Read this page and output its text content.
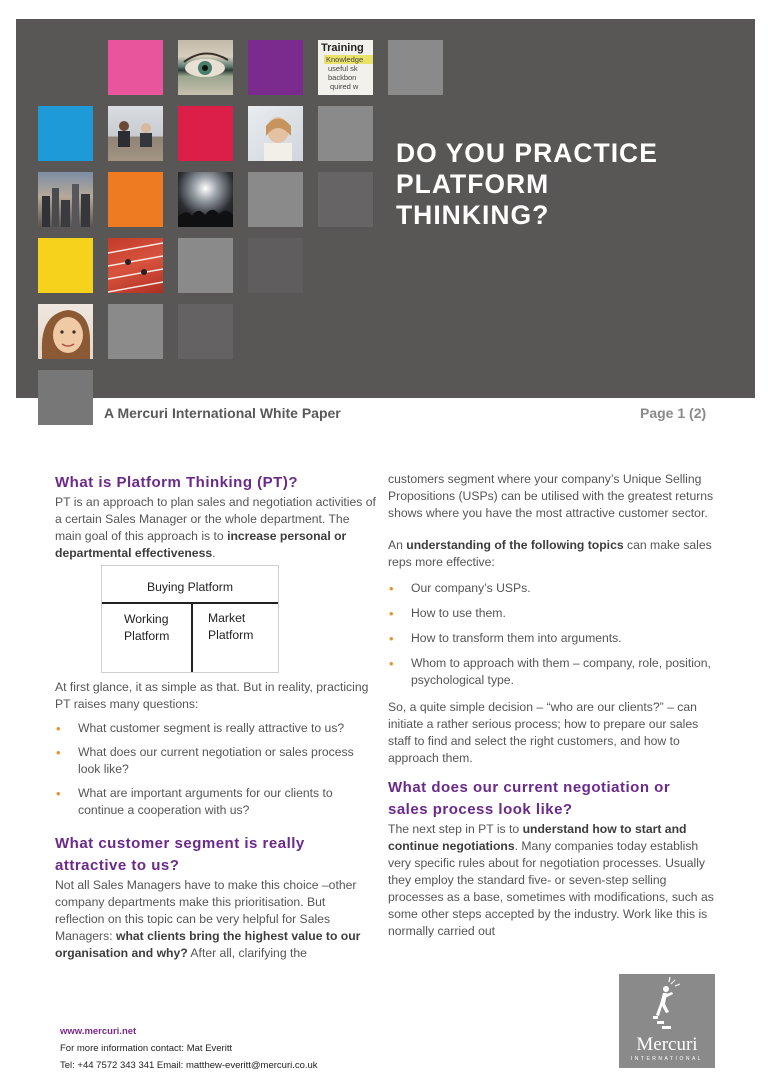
Training
Knowledge
useful sk
backbon
quired w
DO YOU PRACTICE
PLATFORM
THINKING?
A Mercuri International White Paper	Page 1 (2)
What is Platform Thinking (PT)?

PT is an approach to plan sales and negotiation activities of a certain Sales Manager or the whole department. The main goal of this approach is to increase personal or departmental effectiveness.

Buying Platform
Working Platform
Market Platform

At first glance, it as simple as that. But in reality, practicing PT raises many questions:

• What customer segment is really attractive to us?
• What does our current negotiation or sales process look like?
• What are important arguments for our clients to continue a cooperation with us?
What customer segment is really attractive to us?

Not all Sales Managers have to make this choice –other company departments make this prioritisation. But reflection on this topic can be very helpful for Sales Managers: what clients bring the highest value to our organisation and why? After all, clarifying the

customers segment where your company’s Unique Selling Propositions (USPs) can be utilised with the greatest returns shows where you have the most attractive customer sector.

An understanding of the following topics can make sales reps more effective:

• Our company’s USPs.
• How to use them.
• How to transform them into arguments.
• Whom to approach with them – company, role, position, psychological type.

So, a quite simple decision – “who are our clients?” – can initiate a rather serious process; how to prepare our sales staff to find and select the right customers, and how to approach them.

What does our current negotiation or sales process look like?

The next step in PT is to understand how to start and continue negotiations. Many companies today establish very specific rules about for negotiation processes. Usually they employ the standard five- or seven-step selling processes as a base, sometimes with modifications, such as some other steps accepted by the industry. Work like this is normally carried out

www.mercuri.net
For more information contact: Mat Everitt
Tel: +44 7572 343 341 Email: matthew-everitt@mercuri.co.uk
Mercuri
INTERNATIONAL
